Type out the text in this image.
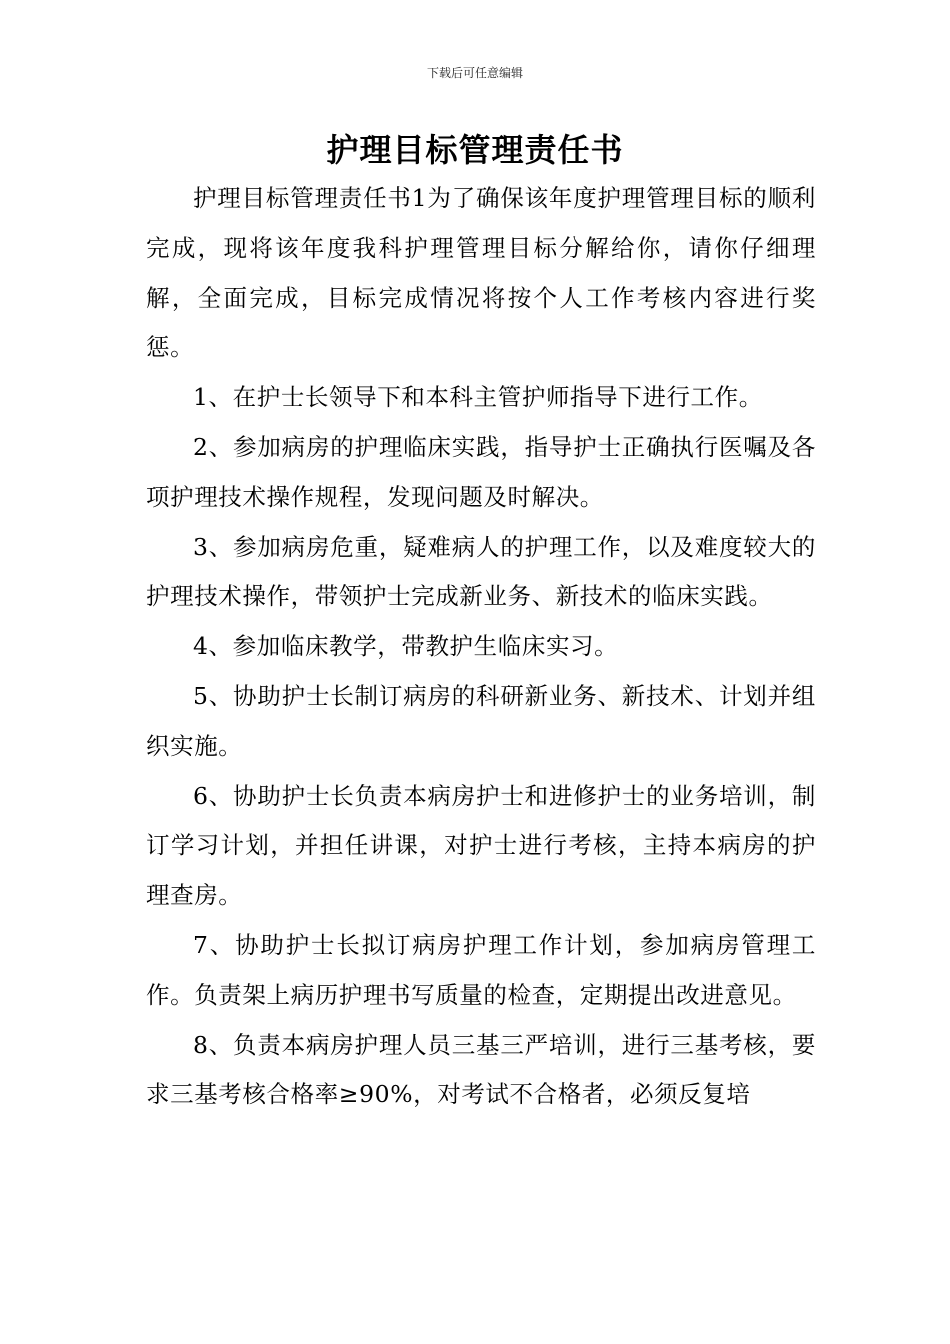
下载后可任意编辑
护理目标管理责任书

护理目标管理责任书1为了确保该年度护理管理目标的顺利完成，现将该年度我科护理管理目标分解给你，请你仔细理解，全面完成，目标完成情况将按个人工作考核内容进行奖惩。

1、在护士长领导下和本科主管护师指导下进行工作。

2、参加病房的护理临床实践，指导护士正确执行医嘱及各项护理技术操作规程，发现问题及时解决。

3、参加病房危重，疑难病人的护理工作，以及难度较大的护理技术操作，带领护士完成新业务、新技术的临床实践。

4、参加临床教学，带教护生临床实习。

5、协助护士长制订病房的科研新业务、新技术、计划并组织实施。

6、协助护士长负责本病房护士和进修护士的业务培训，制订学习计划，并担任讲课，对护士进行考核，主持本病房的护理查房。

7、协助护士长拟订病房护理工作计划，参加病房管理工作。负责架上病历护理书写质量的检查，定期提出改进意见。

8、负责本病房护理人员三基三严培训，进行三基考核，要求三基考核合格率≥90%，对考试不合格者，必须反复培
